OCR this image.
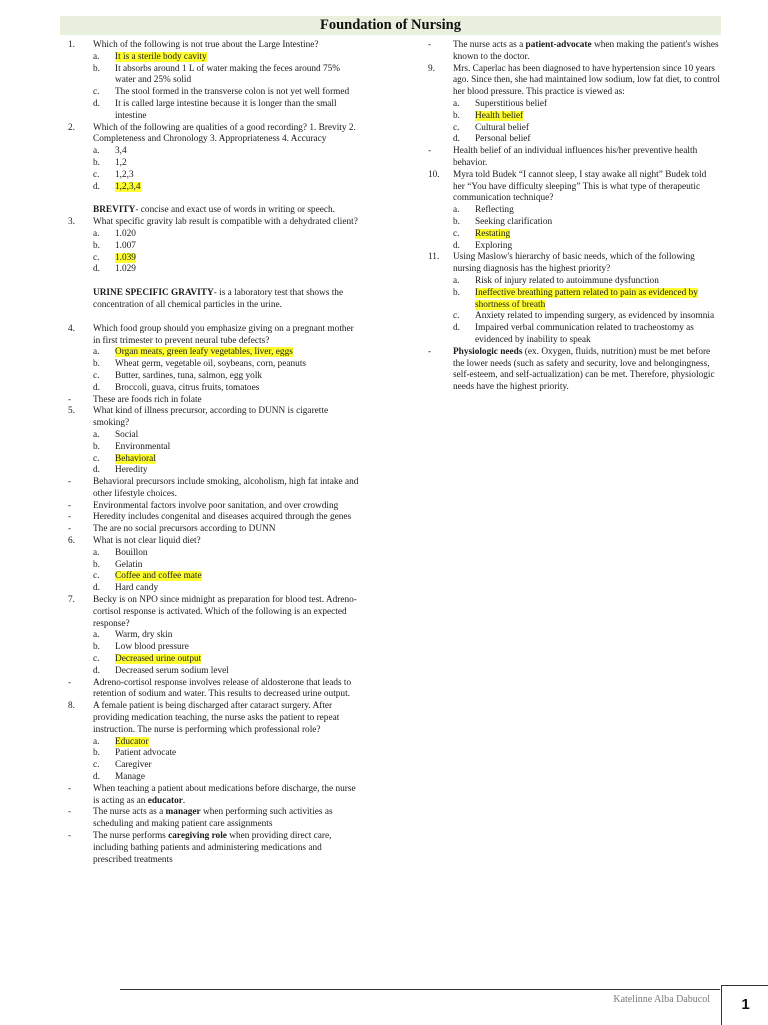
Foundation of Nursing
1. Which of the following is not true about the Large Intestine?
a. It is a sterile body cavity
b. It absorbs around 1 L of water making the feces around 75% water and 25% solid
c. The stool formed in the transverse colon is not yet well formed
d. It is called large intestine because it is longer than the small intestine
2. Which of the following are qualities of a good recording? 1. Brevity 2. Completeness and Chronology 3. Appropriateness 4. Accuracy
a. 3,4
b. 1,2
c. 1,2,3
d. 1,2,3,4
BREVITY- concise and exact use of words in writing or speech.
3. What specific gravity lab result is compatible with a dehydrated client?
a. 1.020
b. 1.007
c. 1.039
d. 1.029
URINE SPECIFIC GRAVITY- is a laboratory test that shows the concentration of all chemical particles in the urine.
4. Which food group should you emphasize giving on a pregnant mother in first trimester to prevent neural tube defects?
a. Organ meats, green leafy vegetables, liver, eggs
b. Wheat germ, vegetable oil, soybeans, corn, peanuts
c. Butter, sardines, tuna, salmon, egg yolk
d. Broccoli, guava, citrus fruits, tomatoes
- These are foods rich in folate
5. What kind of illness precursor, according to DUNN is cigarette smoking?
a. Social
b. Environmental
c. Behavioral
d. Heredity
- Behavioral precursors include smoking, alcoholism, high fat intake and other lifestyle choices.
- Environmental factors involve poor sanitation, and over crowding
- Heredity includes congenital and diseases acquired through the genes
- The are no social precursors according to DUNN
6. What is not clear liquid diet?
a. Bouillon
b. Gelatin
c. Coffee and coffee mate
d. Hard candy
7. Becky is on NPO since midnight as preparation for blood test. Adreno-cortisol response is activated. Which of the following is an expected response?
a. Warm, dry skin
b. Low blood pressure
c. Decreased urine output
d. Decreased serum sodium level
- Adreno-cortisol response involves release of aldosterone that leads to retention of sodium and water. This results to decreased urine output.
8. A female patient is being discharged after cataract surgery. After providing medication teaching, the nurse asks the patient to repeat instruction. The nurse is performing which professional role?
a. Educator
b. Patient advocate
c. Caregiver
d. Manage
- When teaching a patient about medications before discharge, the nurse is acting as an educator.
- The nurse acts as a manager when performing such activities as scheduling and making patient care assignments
- The nurse performs caregiving role when providing direct care, including bathing patients and administering medications and prescribed treatments
- The nurse acts as a patient-advocate when making the patient's wishes known to the doctor.
9. Mrs. Caperlac has been diagnosed to have hypertension since 10 years ago. Since then, she had maintained low sodium, low fat diet, to control her blood pressure. This practice is viewed as:
a. Superstitious belief
b. Health belief
c. Cultural belief
d. Personal belief
- Health belief of an individual influences his/her preventive health behavior.
10. Myra told Budek “I cannot sleep, I stay awake all night” Budek told her “You have difficulty sleeping” This is what type of therapeutic communication technique?
a. Reflecting
b. Seeking clarification
c. Restating
d. Exploring
11. Using Maslow's hierarchy of basic needs, which of the following nursing diagnosis has the highest priority?
a. Risk of injury related to autoimmune dysfunction
b. Ineffective breathing pattern related to pain as evidenced by shortness of breath
c. Anxiety related to impending surgery, as evidenced by insomnia
d. Impaired verbal communication related to tracheostomy as evidenced by inability to speak
- Physiologic needs (ex. Oxygen, fluids, nutrition) must be met before the lower needs (such as safety and security, love and belongingness, self-esteem, and self-actualization) can be met. Therefore, physiologic needs have the highest priority.
Katelinne Alba Dabucol	1
